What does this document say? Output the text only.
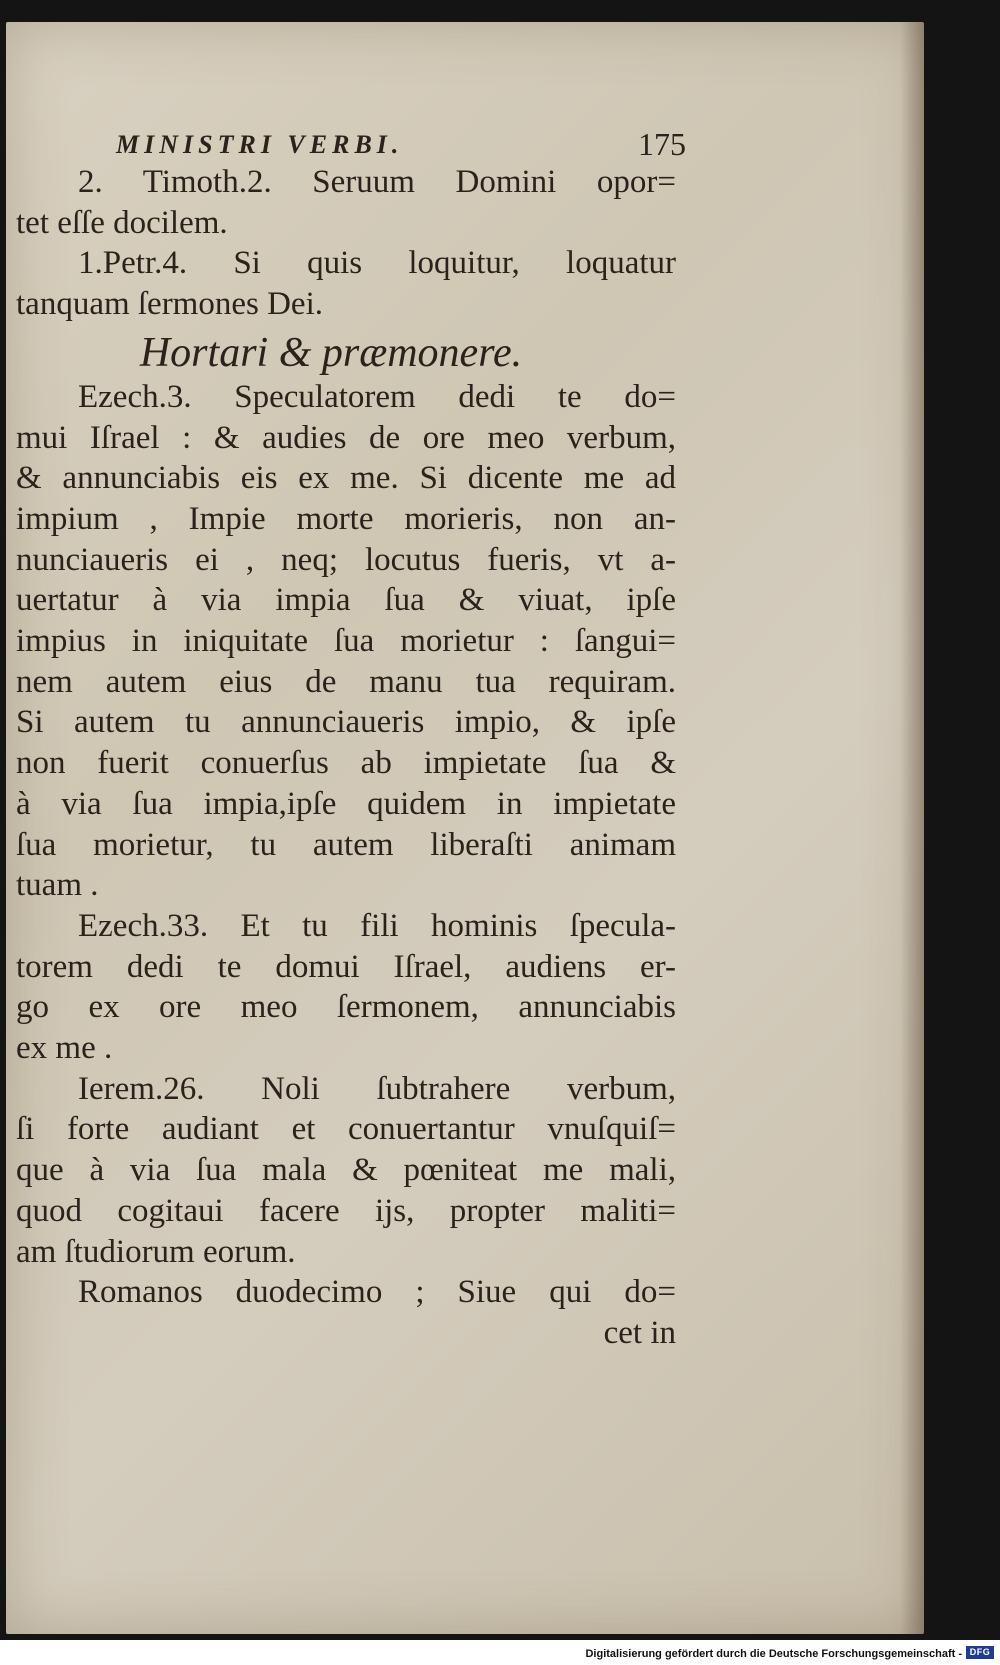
MINISTRI VERBI.	175
2. Timoth.2. Seruum Domini opor=
tet eſſe docilem.
1.Petr.4. Si quis loquitur, loquatur
tanquam ſermones Dei.
Hortari & præmonere.
Ezech.3. Speculatorem dedi te do=
mui Iſrael : & audies de ore meo verbum,
& annunciabis eis ex me. Si dicente me ad
impium , Impie morte morieris, non an-
nunciaueris ei , neq; locutus fueris, vt a-
uertatur à via impia ſua & viuat, ipſe
impius in iniquitate ſua morietur : ſangui=
nem autem eius de manu tua requiram.
Si autem tu annunciaueris impio, & ipſe
non fuerit conuerſus ab impietate ſua &
à via ſua impia,ipſe quidem in impietate
ſua morietur, tu autem liberaſti animam
tuam .
Ezech.33. Et tu fili hominis ſpecula-
torem dedi te domui Iſrael, audiens er-
go ex ore meo ſermonem, annunciabis
ex me .
Ierem.26. Noli ſubtrahere verbum,
ſi forte audiant et conuertantur vnuſquiſ=
que à via ſua mala & pœniteat me mali,
quod cogitaui facere ijs, propter maliti=
am ſtudiorum eorum.
Romanos duodecimo ; Siue qui do=
cet in
Digitalisierung gefördert durch die Deutsche Forschungsgemeinschaft - DFG
